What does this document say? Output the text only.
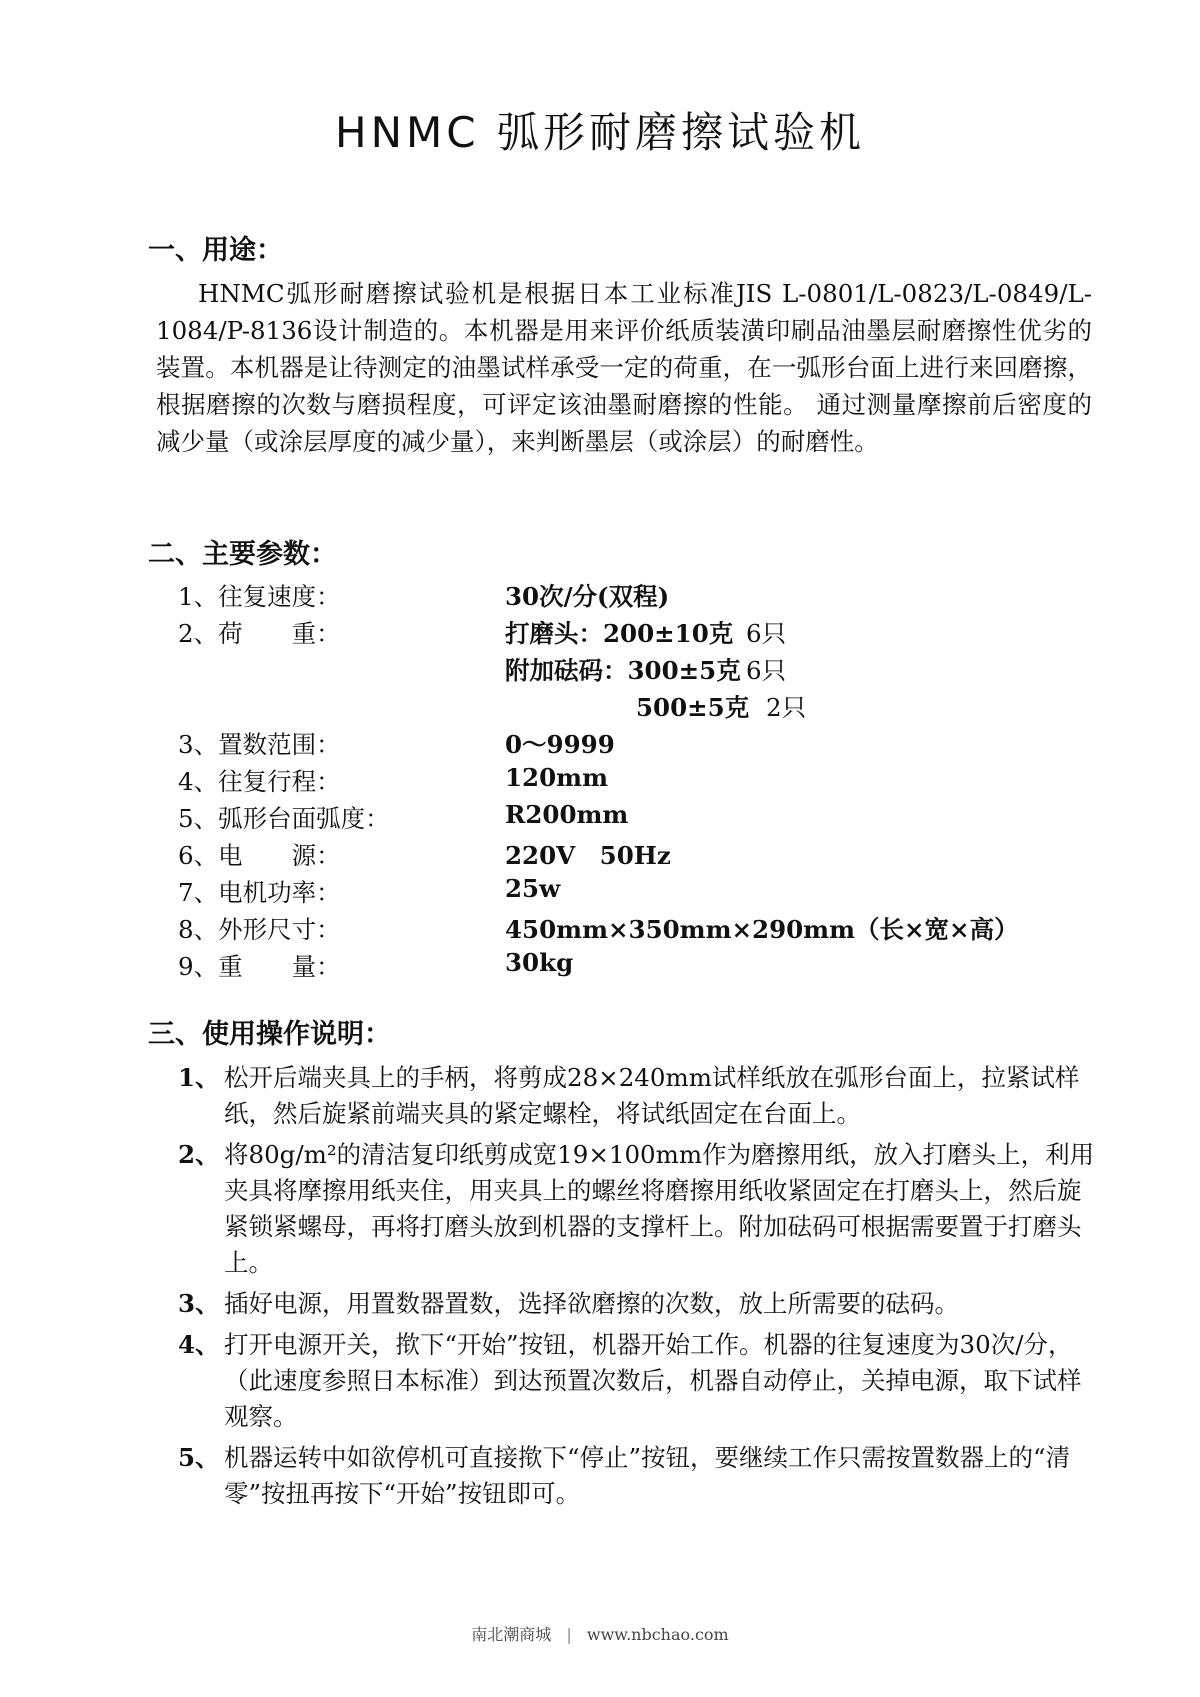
HNMC 弧形耐磨擦试验机
一、用途：

HNMC弧形耐磨擦试验机是根据日本工业标准JIS L-0801/L-0823/L-0849/L-1084/P-8136设计制造的。本机器是用来评价纸质装潢印刷品油墨层耐磨擦性优劣的装置。本机器是让待测定的油墨试样承受一定的荷重，在一弧形台面上进行来回磨擦，根据磨擦的次数与磨损程度，可评定该油墨耐磨擦的性能。 通过测量摩擦前后密度的减少量（或涂层厚度的减少量），来判断墨层（或涂层）的耐磨性。

二、主要参数：
1、往复速度：	30次/分(双程)
2、荷　　重：	打磨头：200±10克 6只
附加砝码：300±5克 6只
500±5克 2只
3、置数范围：	0～9999
4、往复行程：	120mm
5、弧形台面弧度：	R200mm
6、电　　源：	220V　50Hz
7、电机功率：	25w
8、外形尺寸：	450mm×350mm×290mm（长×宽×高）
9、重　　量：	30kg
三、使用操作说明：
1、 松开后端夹具上的手柄，将剪成28×240mm试样纸放在弧形台面上，拉紧试样纸，然后旋紧前端夹具的紧定螺栓，将试纸固定在台面上。
2、 将80g/m²的清洁复印纸剪成宽19×100mm作为磨擦用纸，放入打磨头上，利用夹具将摩擦用纸夹住，用夹具上的螺丝将磨擦用纸收紧固定在打磨头上，然后旋紧锁紧螺母，再将打磨头放到机器的支撑杆上。附加砝码可根据需要置于打磨头上。
3、 插好电源，用置数器置数，选择欲磨擦的次数，放上所需要的砝码。
4、 打开电源开关，揿下“开始”按钮，机器开始工作。机器的往复速度为30次/分，（此速度参照日本标准）到达预置次数后，机器自动停止，关掉电源，取下试样观察。
5、 机器运转中如欲停机可直接揿下“停止”按钮，要继续工作只需按置数器上的“清零”按扭再按下“开始”按钮即可。
南北潮商城 | www.nbchao.com
